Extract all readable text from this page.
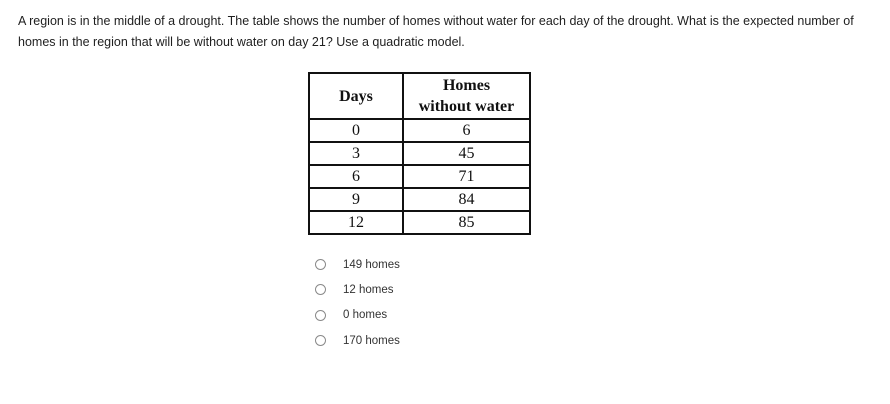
A region is in the middle of a drought. The table shows the number of homes without water for each day of the drought. What is the expected number of homes in the region that will be without water on day 21? Use a quadratic model.

Days	Homes
without water
0	6
3	45
6	71
9	84
12	85
149 homes
12 homes
0 homes
170 homes
